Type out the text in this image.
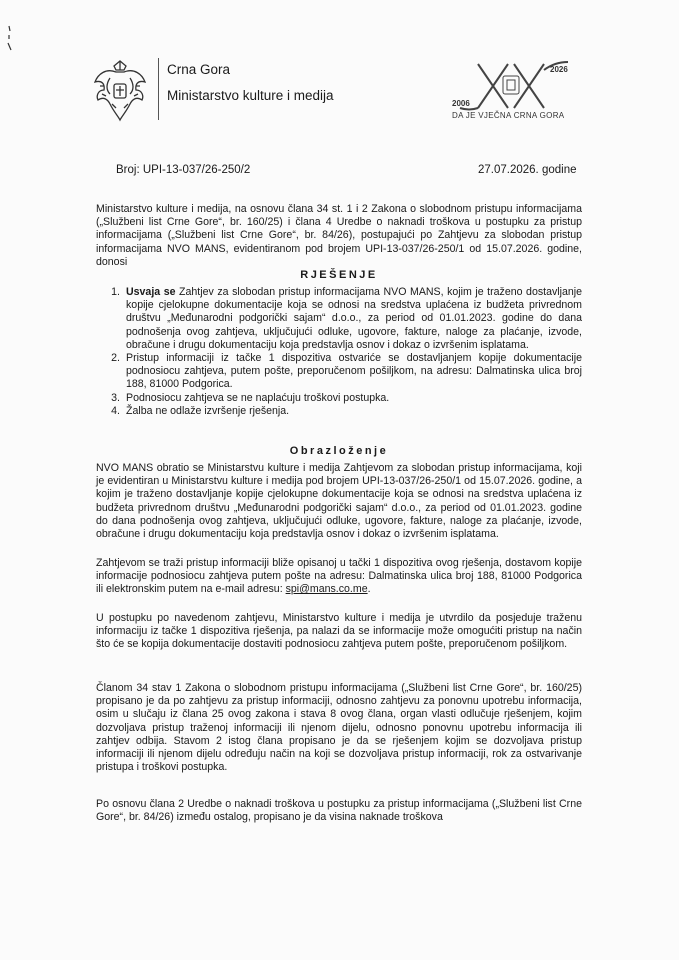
Crna Gora
Ministarstvo kulture i medija
2026
2006
DA JE VJEČNA CRNA GORA
Broj: UPI-13-037/26-250/2	27.07.2026. godine
Ministarstvo kulture i medija, na osnovu člana 34 st. 1 i 2 Zakona o slobodnom pristupu informacijama („Službeni list Crne Gore“, br. 160/25) i člana 4 Uredbe o naknadi troškova u postupku za pristup informacijama („Službeni list Crne Gore“, br. 84/26), postupajući po Zahtjevu za slobodan pristup informacijama NVO MANS, evidentiranom pod brojem UPI-13-037/26-250/1 od 15.07.2026. godine, donosi
RJEŠENJE
1. Usvaja se Zahtjev za slobodan pristup informacijama NVO MANS, kojim je traženo dostavljanje kopije cjelokupne dokumentacije koja se odnosi na sredstva uplaćena iz budžeta privrednom društvu „Međunarodni podgorički sajam“ d.o.o., za period od 01.01.2023. godine do dana podnošenja ovog zahtjeva, uključujući odluke, ugovore, fakture, naloge za plaćanje, izvode, obračune i drugu dokumentaciju koja predstavlja osnov i dokaz o izvršenim isplatama.
2. Pristup informaciji iz tačke 1 dispozitiva ostvariće se dostavljanjem kopije dokumentacije podnosiocu zahtjeva, putem pošte, preporučenom pošiljkom, na adresu: Dalmatinska ulica broj 188, 81000 Podgorica.
3. Podnosiocu zahtjeva se ne naplaćuju troškovi postupka.
4. Žalba ne odlaže izvršenje rješenja.
Obrazloženje
NVO MANS obratio se Ministarstvu kulture i medija Zahtjevom za slobodan pristup informacijama, koji je evidentiran u Ministarstvu kulture i medija pod brojem UPI-13-037/26-250/1 od 15.07.2026. godine, a kojim je traženo dostavljanje kopije cjelokupne dokumentacije koja se odnosi na sredstva uplaćena iz budžeta privrednom društvu „Međunarodni podgorički sajam“ d.o.o., za period od 01.01.2023. godine do dana podnošenja ovog zahtjeva, uključujući odluke, ugovore, fakture, naloge za plaćanje, izvode, obračune i drugu dokumentaciju koja predstavlja osnov i dokaz o izvršenim isplatama.
Zahtjevom se traži pristup informaciji bliže opisanoj u tački 1 dispozitiva ovog rješenja, dostavom kopije informacije podnosiocu zahtjeva putem pošte na adresu: Dalmatinska ulica broj 188, 81000 Podgorica ili elektronskim putem na e-mail adresu: spi@mans.co.me.
U postupku po navedenom zahtjevu, Ministarstvo kulture i medija je utvrdilo da posjeduje traženu informaciju iz tačke 1 dispozitiva rješenja, pa nalazi da se informacije može omogućiti pristup na način što će se kopija dokumentacije dostaviti podnosiocu zahtjeva putem pošte, preporučenom pošiljkom.
Članom 34 stav 1 Zakona o slobodnom pristupu informacijama („Službeni list Crne Gore“, br. 160/25) propisano je da po zahtjevu za pristup informaciji, odnosno zahtjevu za ponovnu upotrebu informacija, osim u slučaju iz člana 25 ovog zakona i stava 8 ovog člana, organ vlasti odlučuje rješenjem, kojim dozvoljava pristup traženoj informaciji ili njenom dijelu, odnosno ponovnu upotrebu informacija ili zahtjev odbija. Stavom 2 istog člana propisano je da se rješenjem kojim se dozvoljava pristup informaciji ili njenom dijelu određuju način na koji se dozvoljava pristup informaciji, rok za ostvarivanje pristupa i troškovi postupka.
Po osnovu člana 2 Uredbe o naknadi troškova u postupku za pristup informacijama („Službeni list Crne Gore“, br. 84/26) između ostalog, propisano je da visina naknade troškova
